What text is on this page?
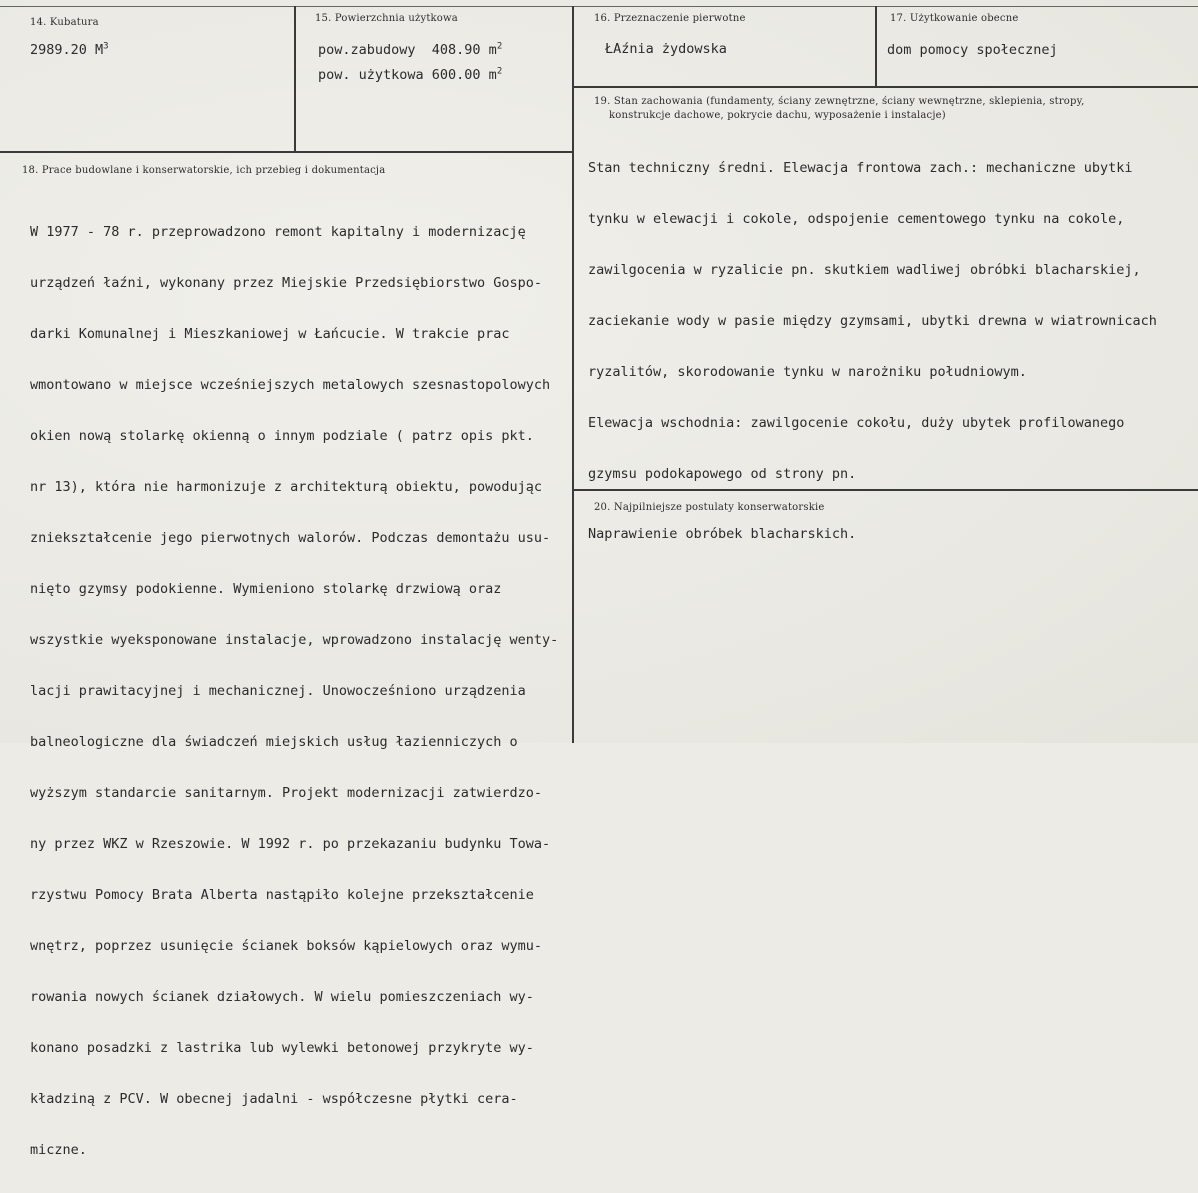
14. Kubatura
2989.20 $M^3$
15. Powierzchnia użytkowa
pow.zabudowy  408.90 $m^2$
pow. użytkowa 600.00 $m^2$
16. Przeznaczenie pierwotne
ŁAźnia żydowska
17. Użytkowanie obecne
dom pomocy społecznej
18. Prace budowlane i konserwatorskie, ich przebieg i dokumentacja

W 1977 - 78 r. przeprowadzono remont kapitalny i modernizację

urządzeń łaźni, wykonany przez Miejskie Przedsiębiorstwo Gospo-

darki Komunalnej i Mieszkaniowej w Łańcucie. W trakcie prac

wmontowano w miejsce wcześniejszych metalowych szesnastopolowych

okien nową stolarkę okienną o innym podziale ( patrz opis pkt.

nr 13), która nie harmonizuje z architekturą obiektu, powodując

zniekształcenie jego pierwotnych walorów. Podczas demontażu usu-

nięto gzymsy podokienne. Wymieniono stolarkę drzwiową oraz

wszystkie wyeksponowane instalacje, wprowadzono instalację wenty-

lacji prawitacyjnej i mechanicznej. Unowocześniono urządzenia

balneologiczne dla świadczeń miejskich usług łazienniczych o

wyższym standarcie sanitarnym. Projekt modernizacji zatwierdzo-

ny przez WKZ w Rzeszowie. W 1992 r. po przekazaniu budynku Towa-

rzystwu Pomocy Brata Alberta nastąpiło kolejne przekształcenie

wnętrz, poprzez usunięcie ścianek boksów kąpielowych oraz wymu-

rowania nowych ścianek działowych. W wielu pomieszczeniach wy-

konano posadzki z lastrika lub wylewki betonowej przykryte wy-

kładziną z PCV. W obecnej jadalni - współczesne płytki cera-

miczne.

19. Stan zachowania (fundamenty, ściany zewnętrzne, ściany wewnętrzne, sklepienia, stropy,
konstrukcje dachowe, pokrycie dachu, wyposażenie i instalacje)

Stan techniczny średni. Elewacja frontowa zach.: mechaniczne ubytki

tynku w elewacji i cokole, odspojenie cementowego tynku na cokole,

zawilgocenia w ryzalicie pn. skutkiem wadliwej obróbki blacharskiej,

zaciekanie wody w pasie między gzymsami, ubytki drewna w wiatrownicach

ryzalitów, skorodowanie tynku w narożniku południowym.

Elewacja wschodnia: zawilgocenie cokołu, duży ubytek profilowanego

gzymsu podokapowego od strony pn.

20. Najpilniejsze postulaty konserwatorskie
Naprawienie obróbek blacharskich.
